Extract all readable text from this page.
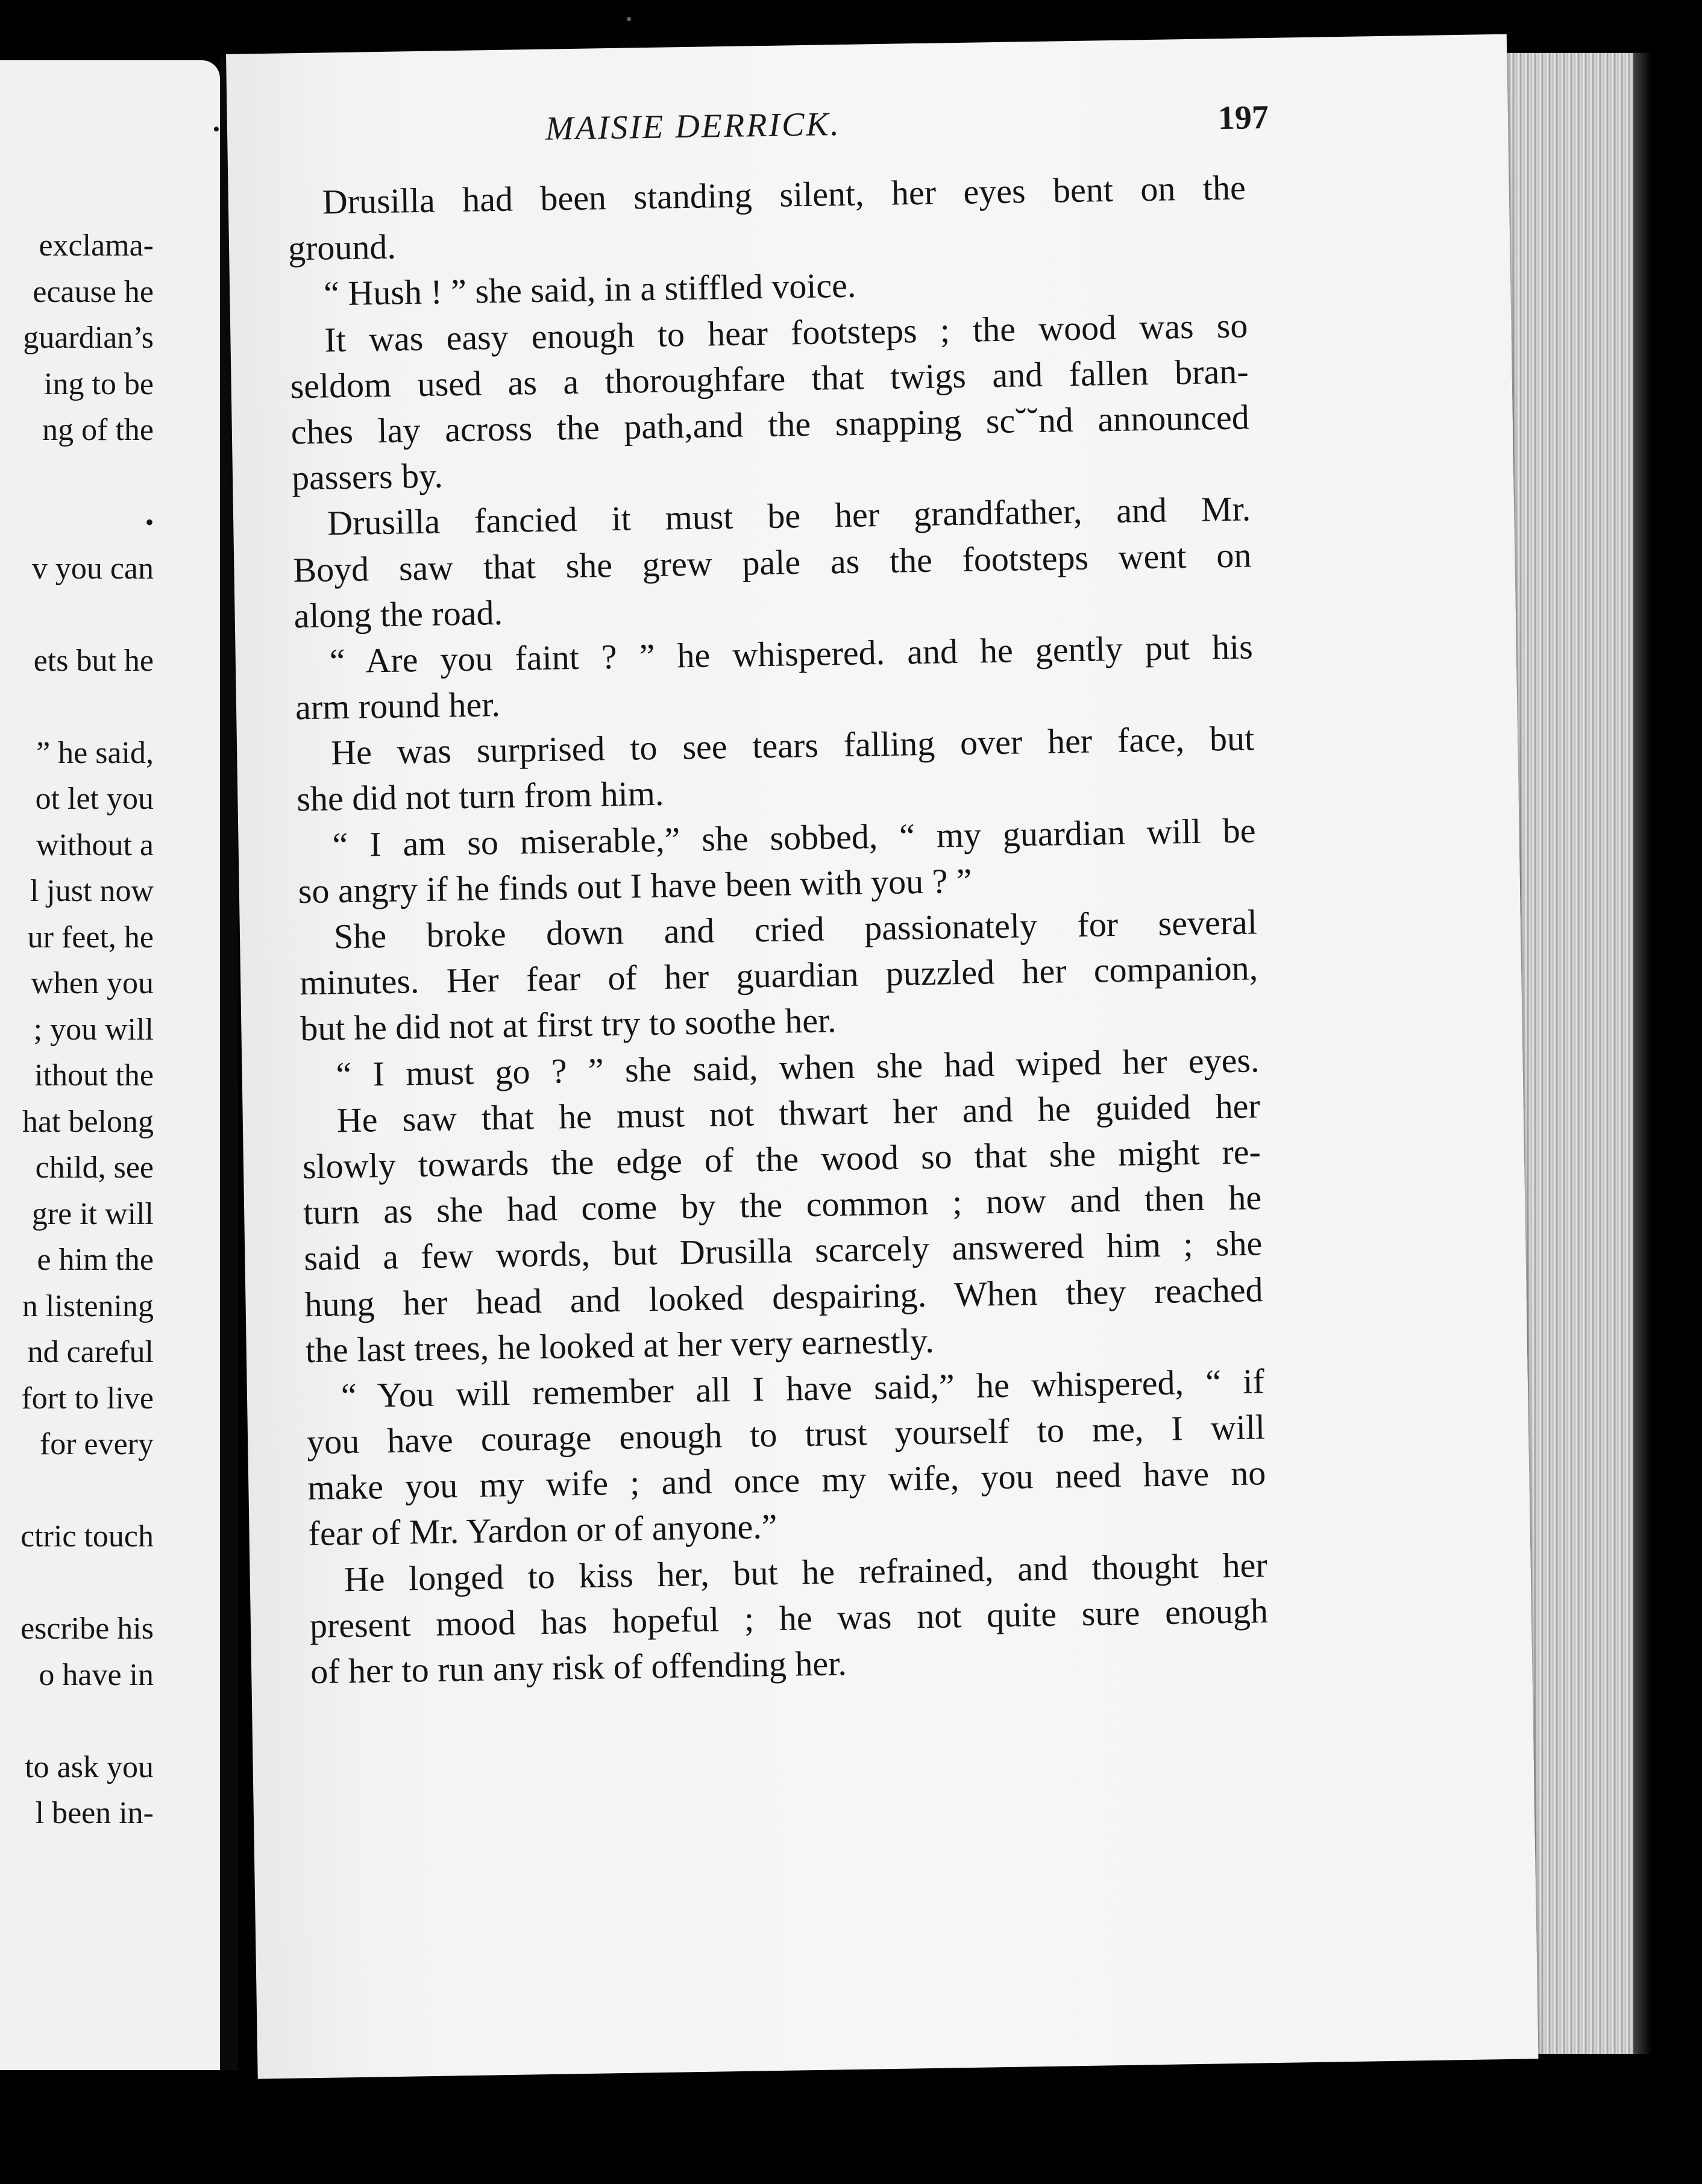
exclama-
ecause he
guardian’s
ing to be
ng of the
•
v you can
ets but he
” he said,
ot let you
without a
l just now
ur feet, he
when you
; you will
ithout the
hat belong
child, see
gre it will
e him the
n listening
nd careful
fort to live
for every
ctric touch
escribe his
o have in
to ask you
l been in-
MAISIE DERRICK.	197
Drusilla had been standing silent, her eyes bent on the
ground.
“ Hush ! ” she said, in a stiffled voice.
It was easy enough to hear footsteps ; the wood was so
seldom used as a thoroughfare that twigs and fallen bran-
ches lay across the path,and the snapping sc˘˘nd announced
passers by.
Drusilla fancied it must be her grandfather, and Mr.
Boyd saw that she grew pale as the footsteps went on
along the road.
“ Are you faint ? ” he whispered. and he gently put his
arm round her.
He was surprised to see tears falling over her face, but
she did not turn from him.
“ I am so miserable,” she sobbed, “ my guardian will be
so angry if he finds out I have been with you ? ”
She broke down and cried passionately for several
minutes. Her fear of her guardian puzzled her companion,
but he did not at first try to soothe her.
“ I must go ? ” she said, when she had wiped her eyes.
He saw that he must not thwart her and he guided her
slowly towards the edge of the wood so that she might re-
turn as she had come by the common ; now and then he
said a few words, but Drusilla scarcely answered him ; she
hung her head and looked despairing. When they reached
the last trees, he looked at her very earnestly.
“ You will remember all I have said,” he whispered, “ if
you have courage enough to trust yourself to me, I will
make you my wife ; and once my wife, you need have no
fear of Mr. Yardon or of anyone.”
He longed to kiss her, but he refrained, and thought her
present mood has hopeful ; he was not quite sure enough
of her to run any risk of offending her.
